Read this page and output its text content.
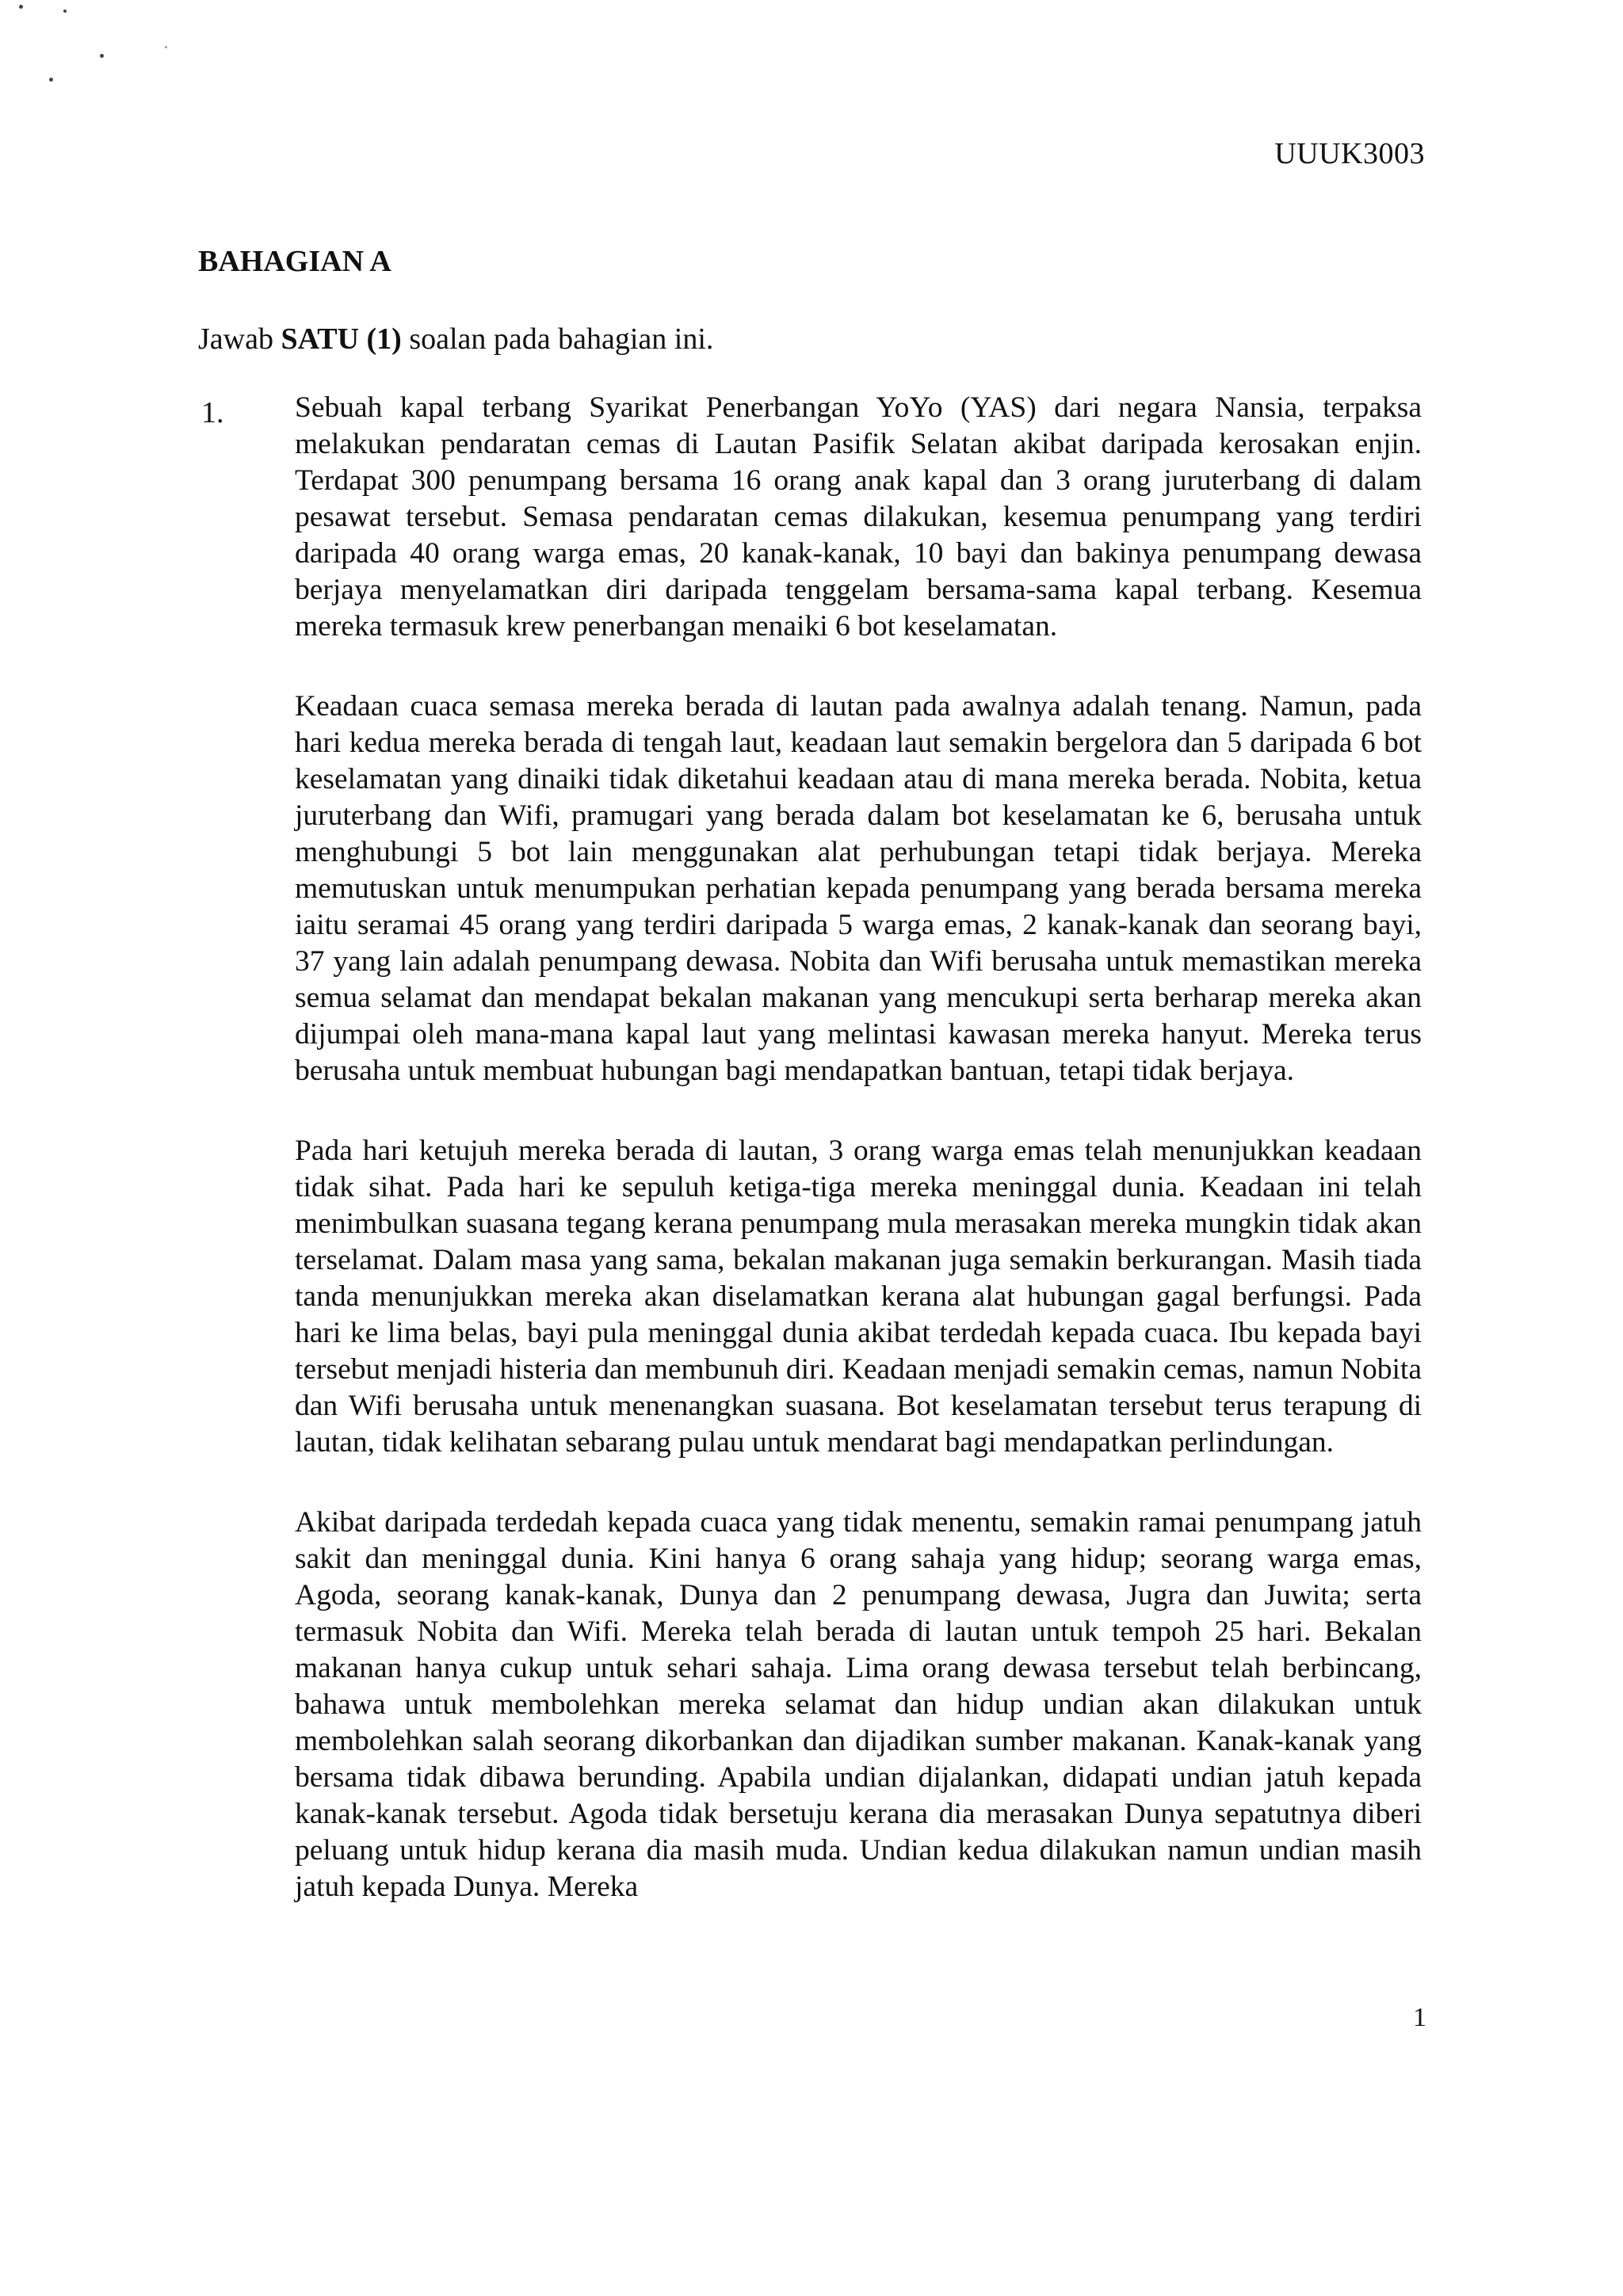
UUUK3003
BAHAGIAN A
Jawab SATU (1) soalan pada bahagian ini.
1. Sebuah kapal terbang Syarikat Penerbangan YoYo (YAS) dari negara Nansia, terpaksa melakukan pendaratan cemas di Lautan Pasifik Selatan akibat daripada kerosakan enjin. Terdapat 300 penumpang bersama 16 orang anak kapal dan 3 orang juruterbang di dalam pesawat tersebut. Semasa pendaratan cemas dilakukan, kesemua penumpang yang terdiri daripada 40 orang warga emas, 20 kanak-kanak, 10 bayi dan bakinya penumpang dewasa berjaya menyelamatkan diri daripada tenggelam bersama-sama kapal terbang. Kesemua mereka termasuk krew penerbangan menaiki 6 bot keselamatan.

Keadaan cuaca semasa mereka berada di lautan pada awalnya adalah tenang. Namun, pada hari kedua mereka berada di tengah laut, keadaan laut semakin bergelora dan 5 daripada 6 bot keselamatan yang dinaiki tidak diketahui keadaan atau di mana mereka berada. Nobita, ketua juruterbang dan Wifi, pramugari yang berada dalam bot keselamatan ke 6, berusaha untuk menghubungi 5 bot lain menggunakan alat perhubungan tetapi tidak berjaya. Mereka memutuskan untuk menumpukan perhatian kepada penumpang yang berada bersama mereka iaitu seramai 45 orang yang terdiri daripada 5 warga emas, 2 kanak-kanak dan seorang bayi, 37 yang lain adalah penumpang dewasa. Nobita dan Wifi berusaha untuk memastikan mereka semua selamat dan mendapat bekalan makanan yang mencukupi serta berharap mereka akan dijumpai oleh mana-mana kapal laut yang melintasi kawasan mereka hanyut. Mereka terus berusaha untuk membuat hubungan bagi mendapatkan bantuan, tetapi tidak berjaya.

Pada hari ketujuh mereka berada di lautan, 3 orang warga emas telah menunjukkan keadaan tidak sihat. Pada hari ke sepuluh ketiga-tiga mereka meninggal dunia. Keadaan ini telah menimbulkan suasana tegang kerana penumpang mula merasakan mereka mungkin tidak akan terselamat. Dalam masa yang sama, bekalan makanan juga semakin berkurangan. Masih tiada tanda menunjukkan mereka akan diselamatkan kerana alat hubungan gagal berfungsi. Pada hari ke lima belas, bayi pula meninggal dunia akibat terdedah kepada cuaca. Ibu kepada bayi tersebut menjadi histeria dan membunuh diri. Keadaan menjadi semakin cemas, namun Nobita dan Wifi berusaha untuk menenangkan suasana. Bot keselamatan tersebut terus terapung di lautan, tidak kelihatan sebarang pulau untuk mendarat bagi mendapatkan perlindungan.

Akibat daripada terdedah kepada cuaca yang tidak menentu, semakin ramai penumpang jatuh sakit dan meninggal dunia. Kini hanya 6 orang sahaja yang hidup; seorang warga emas, Agoda, seorang kanak-kanak, Dunya dan 2 penumpang dewasa, Jugra dan Juwita; serta termasuk Nobita dan Wifi. Mereka telah berada di lautan untuk tempoh 25 hari. Bekalan makanan hanya cukup untuk sehari sahaja. Lima orang dewasa tersebut telah berbincang, bahawa untuk membolehkan mereka selamat dan hidup undian akan dilakukan untuk membolehkan salah seorang dikorbankan dan dijadikan sumber makanan. Kanak-kanak yang bersama tidak dibawa berunding. Apabila undian dijalankan, didapati undian jatuh kepada kanak-kanak tersebut. Agoda tidak bersetuju kerana dia merasakan Dunya sepatutnya diberi peluang untuk hidup kerana dia masih muda. Undian kedua dilakukan namun undian masih jatuh kepada Dunya. Mereka

1
